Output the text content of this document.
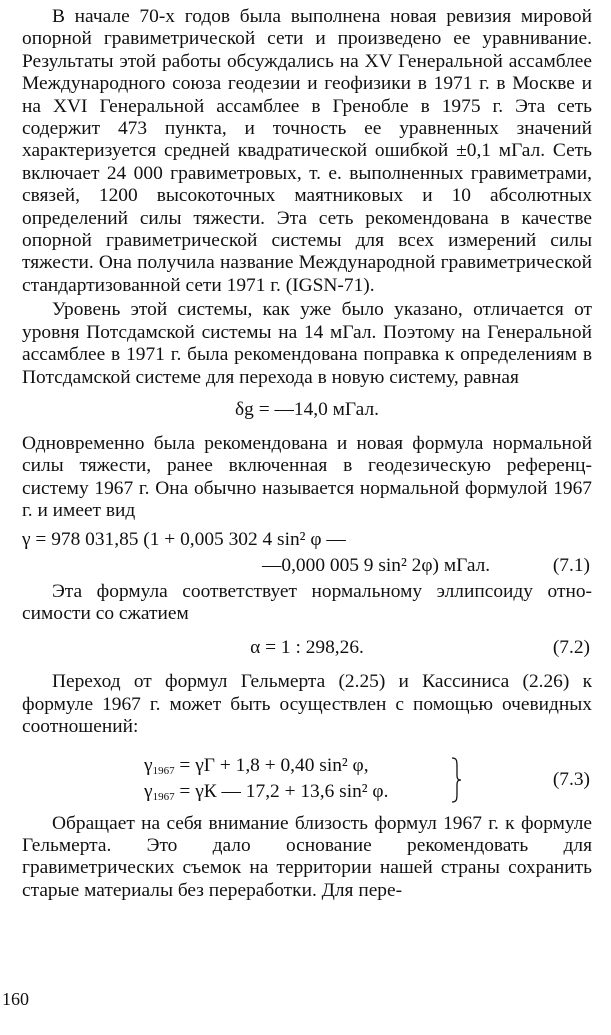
В начале 70-х годов была выполнена новая ревизия мировой опорной гравиметрической сети и произведено ее уравнивание. Результаты этой работы обсуждались на XV Генеральной ассамблее Международного союза геодезии и геофизики в 1971 г. в Москве и на XVI Генеральной ассамблее в Гренобле в 1975 г. Эта сеть содержит 473 пункта, и точность ее уравненных значений характеризуется средней квадратической ошибкой ±0,1 мГал. Сеть включает 24 000 гравиметровых, т. е. выполненных гравиметрами, связей, 1200 высокоточных маятниковых и 10 абсолютных определений силы тяжести. Эта сеть рекомендована в качестве опорной гравиметрической системы для всех измерений силы тяжести. Она получила название Международной гравиметрической стандартизованной сети 1971 г. (IGSN-71).

Уровень этой системы, как уже было указано, отличается от уровня Потсдамской системы на 14 мГал. Поэтому на Генеральной ассамблее в 1971 г. была рекомендована поправка к определениям в Потсдамской системе для перехода в новую систему, равная

δg = —14,0 мГал.

Одновременно была рекомендована и новая формула нормальной силы тяжести, ранее включенная в геодезическую референц-систему 1967 г. Она обычно называется нормальной формулой 1967 г. и имеет вид

γ = 978 031,85 (1 + 0,005 302 4 sin² φ —
—0,000 005 9 sin² 2φ) мГал.	(7.1)

Эта формула соответствует нормальному эллипсоиду относимости со сжатием

α = 1 : 298,26.	(7.2)

Переход от формул Гельмерта (2.25) и Кассиниса (2.26) к формуле 1967 г. может быть осуществлен с помощью очевидных соотношений:

$\gamma_{1967} = \gamma Г + 1,8 + 0,40$ sin² φ,
$\gamma_{1967} = \gamma К$ — 17,2 + 13,6 sin² φ.
(7.3)

Обращает на себя внимание близость формул 1967 г. к формуле Гельмерта. Это дало основание рекомендовать для гравиметрических съемок на территории нашей страны сохранить старые материалы без переработки. Для пере-

160
